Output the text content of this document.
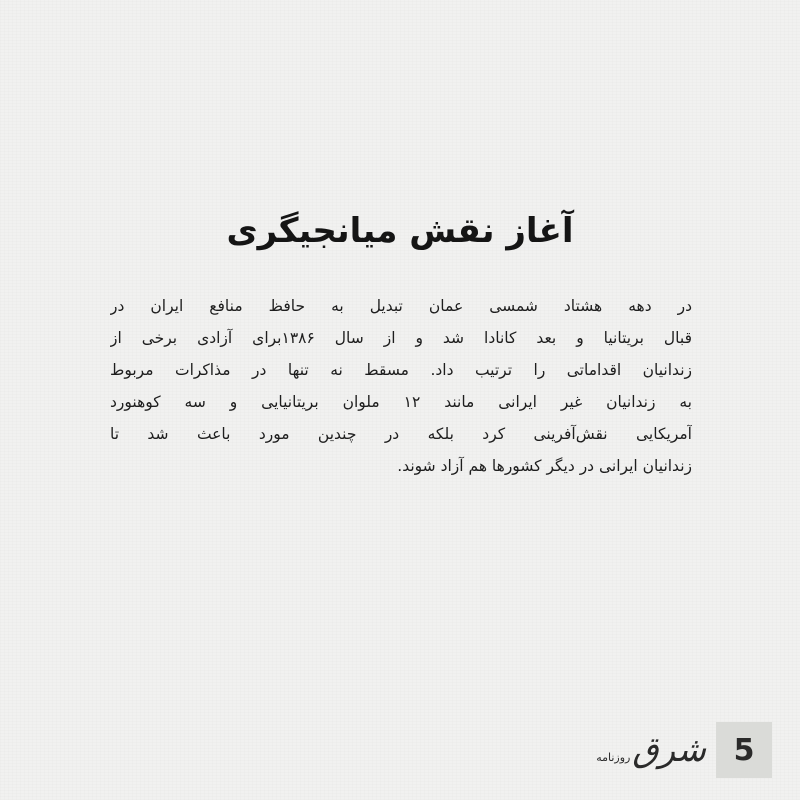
آغاز نقش میانجیگری
در دهه هشتاد شمسی عمان تبدیل به حافظ منافع ایران در
قبال بریتانیا و بعد کانادا شد و از سال ۱۳۸۶برای آزادی برخی از
زندانیان اقداماتی را ترتیب داد. مسقط نه تنها در مذاکرات مربوط
به زندانیان غیر ایرانی مانند ۱۲ ملوان بریتانیایی و سه کوهنورد
آمریکایی نقش‌آفرینی کرد بلکه در چندین مورد باعث شد تا
زندانیان ایرانی در دیگر کشورها هم آزاد شوند.
شرق
روزنامه	5
